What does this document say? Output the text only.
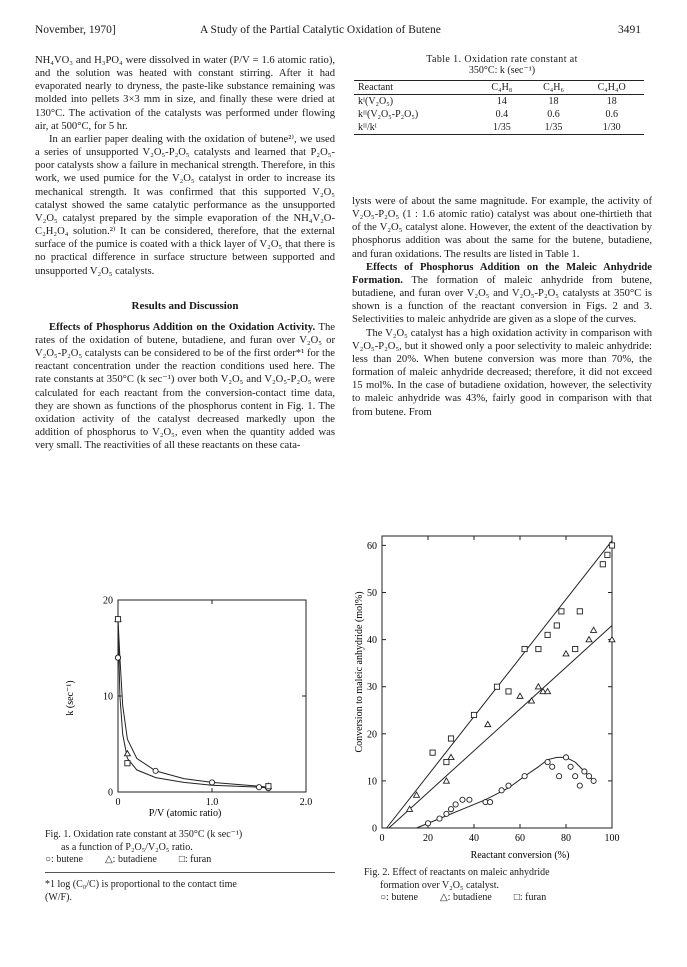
November, 1970]	A Study of the Partial Catalytic Oxidation of Butene	3491

NH₄VO₃ and H₃PO₄ were dissolved in water (P/V = 1.6 atomic ratio), and the solution was heated with constant stirring. After it had evaporated nearly to dryness, the paste-like substance remaining was molded into pellets 3×3 mm in size, and finally these were dried at 130°C. The activation of the catalysts was performed under flowing air, at 500°C, for 5 hr.

In an earlier paper dealing with the oxidation of butene²⁾, we used a series of unsupported V₂O₅-P₂O₅ catalysts and learned that P₂O₅-poor catalysts show a failure in mechanical strength. Therefore, in this work, we used pumice for the V₂O₅ catalyst in order to increase its mechanical strength. It was confirmed that this supported V₂O₅ catalyst showed the same catalytic performance as the unsupported V₂O₅ catalyst prepared by the simple evaporation of the NH₄V₂O-C₂H₂O₄ solution.²⁾ It can be considered, therefore, that the external surface of the pumice is coated with a thick layer of V₂O₅ that there is no practical difference in surface structure between supported and unsupported V₂O₅ catalysts.

Results and Discussion

Effects of Phosphorus Addition on the Oxidation Activity. The rates of the oxidation of butene, butadiene, and furan over V₂O₅ or V₂O₅-P₂O₅ catalysts can be considered to be of the first order*¹ for the reactant concentration under the reaction conditions used here. The rate constants at 350°C (k sec⁻¹) over both V₂O₅ and V₂O₅-P₂O₅ were calculated for each reactant from the conversion-contact time data, they are shown as functions of the phosphorus content in Fig. 1. The oxidation activity of the catalyst decreased markedly upon the addition of phosphorus to V₂O₅, even when the quantity added was very small. The reactivities of all these reactants on these cata-

Table 1. Oxidation rate constant at
350°C: k (sec⁻¹)
Reactant	C₄H₈	C₄H₆	C₄H₄O
kᴵ(V₂O₅)	14	18	18
kᴵᴵ(V₂O₅-P₂O₅)	0.4	0.6	0.6
kᴵᴵ/kᴵ	1/35	1/35	1/30

lysts were of about the same magnitude. For example, the activity of V₂O₅-P₂O₅ (1 : 1.6 atomic ratio) catalyst was about one-thirtieth that of the V₂O₅ catalyst alone. However, the extent of the deactivation by phosphorus addition was about the same for the butene, butadiene, and furan oxidations. The results are listed in Table 1.

Effects of Phosphorus Addition on the Maleic Anhydride Formation. The formation of maleic anhydride from butene, butadiene, and furan over V₂O₅ and V₂O₅-P₂O₅ catalysts at 350°C is shown is a function of the reactant conversion in Figs. 2 and 3. Selectivities to maleic anhydride are given as a slope of the curves.

The V₂O₅ catalyst has a high oxidation activity in comparison with V₂O₅-P₂O₅, but it showed only a poor selectivity to maleic anhydride: less than 20%. When butene conversion was more than 70%, the formation of maleic anhydride decreased; therefore, it did not exceed 15 mol%. In the case of butadiene oxidation, however, the selectivity to maleic anhydride was 43%, fairly good in comparison with that from butene. From

0	1.0	2.0
0
10
20
P/V (atomic ratio)
k (sec⁻¹)
Fig. 1. Oxidation rate constant at 350°C (k sec⁻¹)
as a function of P₂O₅/V₂O₅ ratio.
○: butene △: butadiene □: furan
*1 log (C₀/C) is proportional to the contact time
(W/F).
0	20	40	60	80	100
0
10
20
30
40
50
60
Reactant conversion (%)
Conversion to maleic anhydride (mol%)
Fig. 2. Effect of reactants on maleic anhydride
formation over V₂O₅ catalyst.
○: butene △: butadiene □: furan
